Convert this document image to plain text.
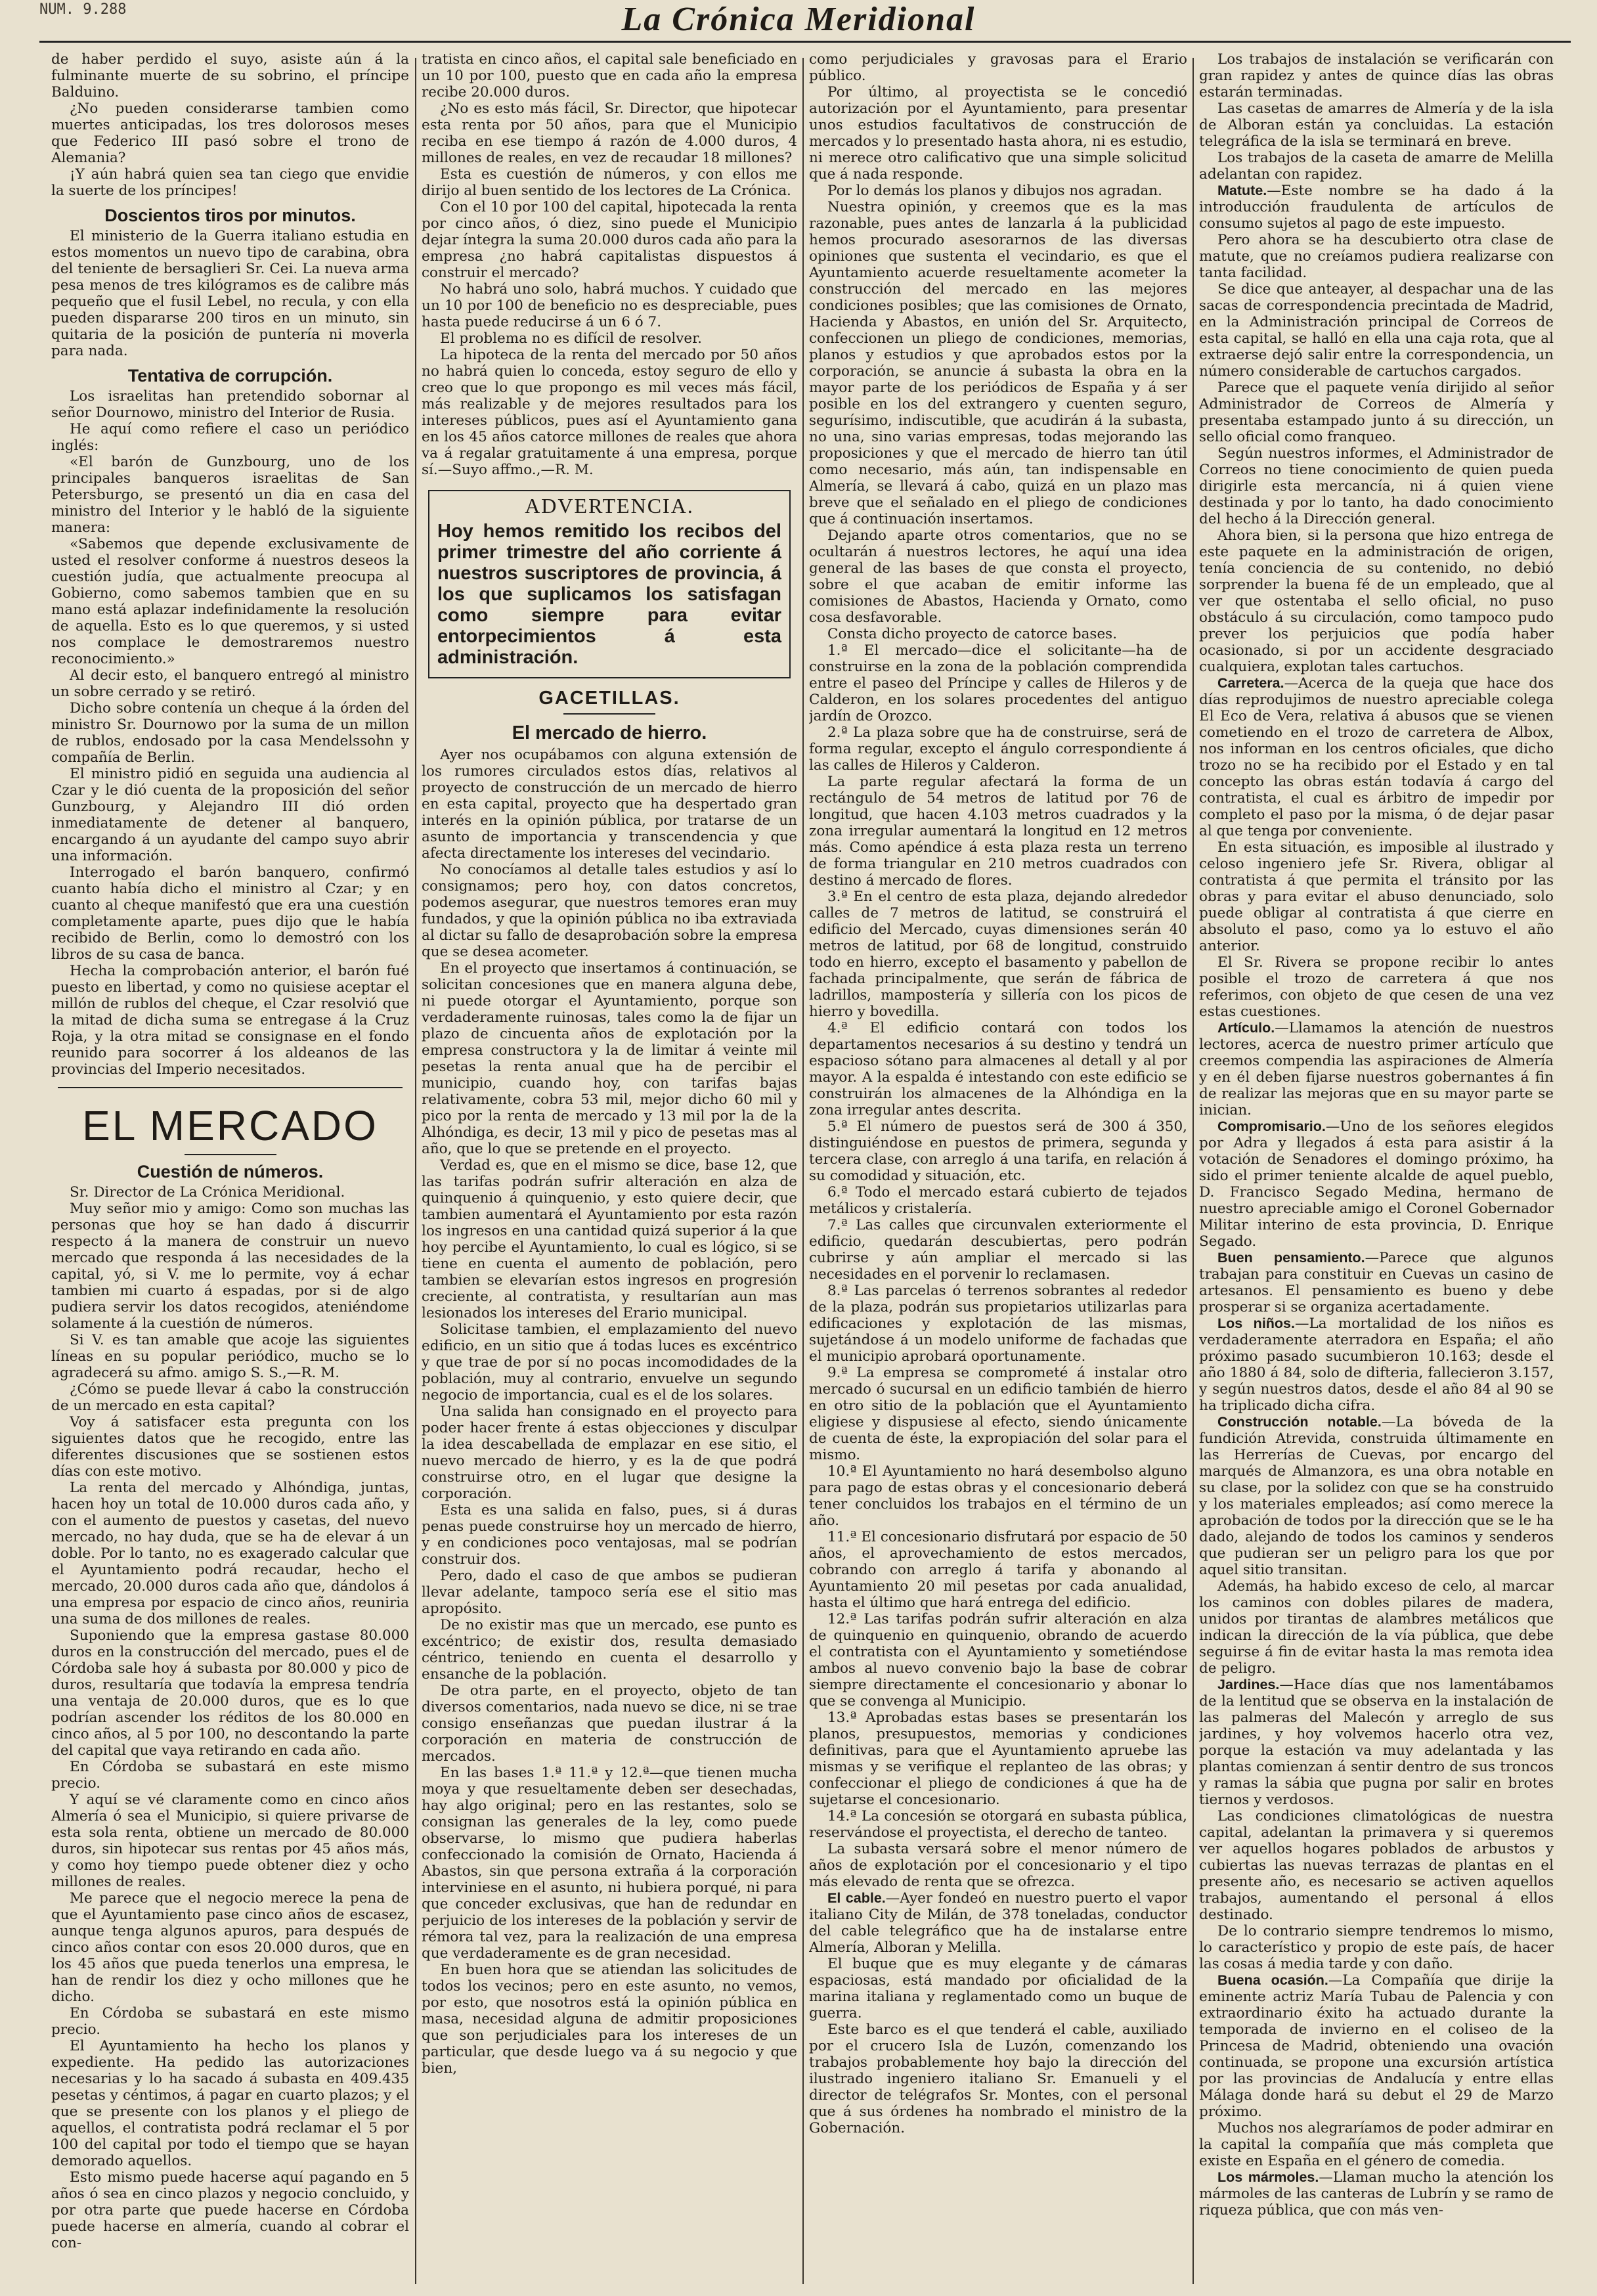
NUM. 9.288	La Crónica Meridional

de haber perdido el suyo, asiste aún á la fulminante muerte de su sobrino, el príncipe Balduino.

¿No pueden considerarse tambien como muertes anticipadas, los tres dolorosos meses que Federico III pasó sobre el trono de Alemania?

¡Y aún habrá quien sea tan ciego que envidie la suerte de los príncipes!

Doscientos tiros por minutos.

El ministerio de la Guerra italiano estudia en estos momentos un nuevo tipo de carabina, obra del teniente de bersaglieri Sr. Cei. La nueva arma pesa menos de tres kilógramos es de calibre más pequeño que el fusil Lebel, no recula, y con ella pueden dispararse 200 tiros en un minuto, sin quitaria de la posición de puntería ni moverla para nada.

Tentativa de corrupción.

Los israelitas han pretendido sobornar al señor Dournowo, ministro del Interior de Rusia.

He aquí como refiere el caso un periódico inglés:

«El barón de Gunzbourg, uno de los principales banqueros israelitas de San Petersburgo, se presentó un dia en casa del ministro del Interior y le habló de la siguiente manera:

«Sabemos que depende exclusivamente de usted el resolver conforme á nuestros deseos la cuestión judía, que actualmente preocupa al Gobierno, como sabemos tambien que en su mano está aplazar indefinidamente la resolución de aquella. Esto es lo que queremos, y si usted nos complace le demostraremos nuestro reconocimiento.»

Al decir esto, el banquero entregó al ministro un sobre cerrado y se retiró.

Dicho sobre contenía un cheque á la órden del ministro Sr. Dournowo por la suma de un millon de rublos, endosado por la casa Mendelssohn y compañía de Berlin.

El ministro pidió en seguida una audiencia al Czar y le dió cuenta de la proposición del señor Gunzbourg, y Alejandro III dió orden inmediatamente de detener al banquero, encargando á un ayudante del campo suyo abrir una información.

Interrogado el barón banquero, confirmó cuanto había dicho el ministro al Czar; y en cuanto al cheque manifestó que era una cuestión completamente aparte, pues dijo que le había recibido de Berlin, como lo demostró con los libros de su casa de banca.

Hecha la comprobación anterior, el barón fué puesto en libertad, y como no quisiese aceptar el millón de rublos del cheque, el Czar resolvió que la mitad de dicha suma se entregase á la Cruz Roja, y la otra mitad se consignase en el fondo reunido para socorrer á los aldeanos de las provincias del Imperio necesitados.

EL MERCADO
Cuestión de números.

Sr. Director de La Crónica Meridional.

Muy señor mio y amigo: Como son muchas las personas que hoy se han dado á discurrir respecto á la manera de construir un nuevo mercado que responda á las necesidades de la capital, yó, si V. me lo permite, voy á echar tambien mi cuarto á espadas, por si de algo pudiera servir los datos recogidos, ateniéndome solamente á la cuestión de números.

Si V. es tan amable que acoje las siguientes líneas en su popular periódico, mucho se lo agradecerá su afmo. amigo S. S.,—R. M.

¿Cómo se puede llevar á cabo la construcción de un mercado en esta capital?

Voy á satisfacer esta pregunta con los siguientes datos que he recogido, entre las diferentes discusiones que se sostienen estos días con este motivo.

La renta del mercado y Alhóndiga, juntas, hacen hoy un total de 10.000 duros cada año, y con el aumento de puestos y casetas, del nuevo mercado, no hay duda, que se ha de elevar á un doble. Por lo tanto, no es exagerado calcular que el Ayuntamiento podrá recaudar, hecho el mercado, 20.000 duros cada año que, dándolos á una empresa por espacio de cinco años, reuniria una suma de dos millones de reales.

Suponiendo que la empresa gastase 80.000 duros en la construcción del mercado, pues el de Córdoba sale hoy á subasta por 80.000 y pico de duros, resultaría que todavía la empresa tendría una ventaja de 20.000 duros, que es lo que podrían ascender los réditos de los 80.000 en cinco años, al 5 por 100, no descontando la parte del capital que vaya retirando en cada año.

En Córdoba se subastará en este mismo precio.

Y aquí se vé claramente como en cinco años Almería ó sea el Municipio, si quiere privarse de esta sola renta, obtiene un mercado de 80.000 duros, sin hipotecar sus rentas por 45 años más, y como hoy tiempo puede obtener diez y ocho millones de reales.

Me parece que el negocio merece la pena de que el Ayuntamiento pase cinco años de escasez, aunque tenga algunos apuros, para después de cinco años contar con esos 20.000 duros, que en los 45 años que pueda tenerlos una empresa, le han de rendir los diez y ocho millones que he dicho.

En Córdoba se subastará en este mismo precio.

El Ayuntamiento ha hecho los planos y expediente. Ha pedido las autorizaciones necesarias y lo ha sacado á subasta en 409.435 pesetas y céntimos, á pagar en cuarto plazos; y el que se presente con los planos y el pliego de aquellos, el contratista podrá reclamar el 5 por 100 del capital por todo el tiempo que se hayan demorado aquellos.

Esto mismo puede hacerse aquí pagando en 5 años ó sea en cinco plazos y negocio concluido, y por otra parte que puede hacerse en Córdoba puede hacerse en almería, cuando al cobrar el con-

tratista en cinco años, el capital sale beneficiado en un 10 por 100, puesto que en cada año la empresa recibe 20.000 duros.

¿No es esto más fácil, Sr. Director, que hipotecar esta renta por 50 años, para que el Municipio reciba en ese tiempo á razón de 4.000 duros, 4 millones de reales, en vez de recaudar 18 millones?

Esta es cuestión de números, y con ellos me dirijo al buen sentido de los lectores de La Crónica.

Con el 10 por 100 del capital, hipotecada la renta por cinco años, ó diez, sino puede el Municipio dejar íntegra la suma 20.000 duros cada año para la empresa ¿no habrá capitalistas dispuestos á construir el mercado?

No habrá uno solo, habrá muchos. Y cuidado que un 10 por 100 de beneficio no es despreciable, pues hasta puede reducirse á un 6 ó 7.

El problema no es difícil de resolver.

La hipoteca de la renta del mercado por 50 años no habrá quien lo conceda, estoy seguro de ello y creo que lo que propongo es mil veces más fácil, más realizable y de mejores resultados para los intereses públicos, pues así el Ayuntamiento gana en los 45 años catorce millones de reales que ahora va á regalar gratuitamente á una empresa, porque sí.—Suyo affmo.,—R. M.

ADVERTENCIA.
Hoy hemos remitido los recibos del primer trimestre del año corriente á nuestros suscriptores de provincia, á los que suplicamos los satisfagan como siempre para evitar entorpecimientos á esta administración.
GACETILLAS.
El mercado de hierro.

Ayer nos ocupábamos con alguna extensión de los rumores circulados estos días, relativos al proyecto de construcción de un mercado de hierro en esta capital, proyecto que ha despertado gran interés en la opinión pública, por tratarse de un asunto de importancia y transcendencia y que afecta directamente los intereses del vecindario.

No conocíamos al detalle tales estudios y así lo consignamos; pero hoy, con datos concretos, podemos asegurar, que nuestros temores eran muy fundados, y que la opinión pública no iba extraviada al dictar su fallo de desaprobación sobre la empresa que se desea acometer.

En el proyecto que insertamos á continuación, se solicitan concesiones que en manera alguna debe, ni puede otorgar el Ayuntamiento, porque son verdaderamente ruinosas, tales como la de fijar un plazo de cincuenta años de explotación por la empresa constructora y la de limitar á veinte mil pesetas la renta anual que ha de percibir el municipio, cuando hoy, con tarifas bajas relativamente, cobra 53 mil, mejor dicho 60 mil y pico por la renta de mercado y 13 mil por la de la Alhóndiga, es decir, 13 mil y pico de pesetas mas al año, que lo que se pretende en el proyecto.

Verdad es, que en el mismo se dice, base 12, que las tarifas podrán sufrir alteración en alza de quinquenio á quinquenio, y esto quiere decir, que tambien aumentará el Ayuntamiento por esta razón los ingresos en una cantidad quizá superior á la que hoy percibe el Ayuntamiento, lo cual es lógico, si se tiene en cuenta el aumento de población, pero tambien se elevarían estos ingresos en progresión creciente, al contratista, y resultarían aun mas lesionados los intereses del Erario municipal.

Solicitase tambien, el emplazamiento del nuevo edificio, en un sitio que á todas luces es excéntrico y que trae de por sí no pocas incomodidades de la población, muy al contrario, envuelve un segundo negocio de importancia, cual es el de los solares.

Una salida han consignado en el proyecto para poder hacer frente á estas objecciones y disculpar la idea descabellada de emplazar en ese sitio, el nuevo mercado de hierro, y es la de que podrá construirse otro, en el lugar que designe la corporación.

Esta es una salida en falso, pues, si á duras penas puede construirse hoy un mercado de hierro, y en condiciones poco ventajosas, mal se podrían construir dos.

Pero, dado el caso de que ambos se pudieran llevar adelante, tampoco sería ese el sitio mas apropósito.

De no existir mas que un mercado, ese punto es excéntrico; de existir dos, resulta demasiado céntrico, teniendo en cuenta el desarrollo y ensanche de la población.

De otra parte, en el proyecto, objeto de tan diversos comentarios, nada nuevo se dice, ni se trae consigo enseñanzas que puedan ilustrar á la corporación en materia de construcción de mercados.

En las bases 1.ª 11.ª y 12.ª—que tienen mucha moya y que resueltamente deben ser desechadas, hay algo original; pero en las restantes, solo se consignan las generales de la ley, como puede observarse, lo mismo que pudiera haberlas confeccionado la comisión de Ornato, Hacienda á Abastos, sin que persona extraña á la corporación interviniese en el asunto, ni hubiera porqué, ni para que conceder exclusivas, que han de redundar en perjuicio de los intereses de la población y servir de rémora tal vez, para la realización de una empresa que verdaderamente es de gran necesidad.

En buen hora que se atiendan las solicitudes de todos los vecinos; pero en este asunto, no vemos, por esto, que nosotros está la opinión pública en masa, necesidad alguna de admitir proposiciones que son perjudiciales para los intereses de un particular, que desde luego va á su negocio y que bien,

como perjudiciales y gravosas para el Erario público.

Por último, al proyectista se le concedió autorización por el Ayuntamiento, para presentar unos estudios facultativos de construcción de mercados y lo presentado hasta ahora, ni es estudio, ni merece otro calificativo que una simple solicitud que á nada responde.

Por lo demás los planos y dibujos nos agradan.

Nuestra opinión, y creemos que es la mas razonable, pues antes de lanzarla á la publicidad hemos procurado asesorarnos de las diversas opiniones que sustenta el vecindario, es que el Ayuntamiento acuerde resueltamente acometer la construcción del mercado en las mejores condiciones posibles; que las comisiones de Ornato, Hacienda y Abastos, en unión del Sr. Arquitecto, confeccionen un pliego de condiciones, memorias, planos y estudios y que aprobados estos por la corporación, se anuncie á subasta la obra en la mayor parte de los periódicos de España y á ser posible en los del extrangero y cuenten seguro, segurísimo, indiscutible, que acudirán á la subasta, no una, sino varias empresas, todas mejorando las proposiciones y que el mercado de hierro tan útil como necesario, más aún, tan indispensable en Almería, se llevará á cabo, quizá en un plazo mas breve que el señalado en el pliego de condiciones que á continuación insertamos.

Dejando aparte otros comentarios, que no se ocultarán á nuestros lectores, he aquí una idea general de las bases de que consta el proyecto, sobre el que acaban de emitir informe las comisiones de Abastos, Hacienda y Ornato, como cosa desfavorable.

Consta dicho proyecto de catorce bases.

1.ª El mercado—dice el solicitante—ha de construirse en la zona de la población comprendida entre el paseo del Príncipe y calles de Hileros y de Calderon, en los solares procedentes del antiguo jardín de Orozco.

2.ª La plaza sobre que ha de construirse, será de forma regular, excepto el ángulo correspondiente á las calles de Hileros y Calderon.

La parte regular afectará la forma de un rectángulo de 54 metros de latitud por 76 de longitud, que hacen 4.103 metros cuadrados y la zona irregular aumentará la longitud en 12 metros más. Como apéndice á esta plaza resta un terreno de forma triangular en 210 metros cuadrados con destino á mercado de flores.

3.ª En el centro de esta plaza, dejando alrededor calles de 7 metros de latitud, se construirá el edificio del Mercado, cuyas dimensiones serán 40 metros de latitud, por 68 de longitud, construido todo en hierro, excepto el basamento y pabellon de fachada principalmente, que serán de fábrica de ladrillos, mampostería y sillería con los picos de hierro y bovedilla.

4.ª El edificio contará con todos los departamentos necesarios á su destino y tendrá un espacioso sótano para almacenes al detall y al por mayor. A la espalda é intestando con este edificio se construirán los almacenes de la Alhóndiga en la zona irregular antes descrita.

5.ª El número de puestos será de 300 á 350, distinguiéndose en puestos de primera, segunda y tercera clase, con arreglo á una tarifa, en relación á su comodidad y situación, etc.

6.ª Todo el mercado estará cubierto de tejados metálicos y cristalería.

7.ª Las calles que circunvalen exteriormente el edificio, quedarán descubiertas, pero podrán cubrirse y aún ampliar el mercado si las necesidades en el porvenir lo reclamasen.

8.ª Las parcelas ó terrenos sobrantes al rededor de la plaza, podrán sus propietarios utilizarlas para edificaciones y explotación de las mismas, sujetándose á un modelo uniforme de fachadas que el municipio aprobará oportunamente.

9.ª La empresa se comprometé á instalar otro mercado ó sucursal en un edificio también de hierro en otro sitio de la población que el Ayuntamiento eligiese y dispusiese al efecto, siendo únicamente de cuenta de éste, la expropiación del solar para el mismo.

10.ª El Ayuntamiento no hará desembolso alguno para pago de estas obras y el concesionario deberá tener concluidos los trabajos en el término de un año.

11.ª El concesionario disfrutará por espacio de 50 años, el aprovechamiento de estos mercados, cobrando con arreglo á tarifa y abonando al Ayuntamiento 20 mil pesetas por cada anualidad, hasta el último que hará entrega del edificio.

12.ª Las tarifas podrán sufrir alteración en alza de quinquenio en quinquenio, obrando de acuerdo el contratista con el Ayuntamiento y sometiéndose ambos al nuevo convenio bajo la base de cobrar siempre directamente el concesionario y abonar lo que se convenga al Municipio.

13.ª Aprobadas estas bases se presentarán los planos, presupuestos, memorias y condiciones definitivas, para que el Ayuntamiento apruebe las mismas y se verifique el replanteo de las obras; y confeccionar el pliego de condiciones á que ha de sujetarse el concesionario.

14.ª La concesión se otorgará en subasta pública, reservándose el proyectista, el derecho de tanteo.

La subasta versará sobre el menor número de años de explotación por el concesionario y el tipo más elevado de renta que se ofrezca.

El cable.—Ayer fondeó en nuestro puerto el vapor italiano City de Milán, de 378 toneladas, conductor del cable telegráfico que ha de instalarse entre Almería, Alboran y Melilla.

El buque que es muy elegante y de cámaras espaciosas, está mandado por oficialidad de la marina italiana y reglamentado como un buque de guerra.

Este barco es el que tenderá el cable, auxiliado por el crucero Isla de Luzón, comenzando los trabajos probablemente hoy bajo la dirección del ilustrado ingeniero italiano Sr. Emanueli y el director de telégrafos Sr. Montes, con el personal que á sus órdenes ha nombrado el ministro de la Gobernación.

Los trabajos de instalación se verificarán con gran rapidez y antes de quince días las obras estarán terminadas.

Las casetas de amarres de Almería y de la isla de Alboran están ya concluidas. La estación telegráfica de la isla se terminará en breve.

Los trabajos de la caseta de amarre de Melilla adelantan con rapidez.

Matute.—Este nombre se ha dado á la introducción fraudulenta de artículos de consumo sujetos al pago de este impuesto.

Pero ahora se ha descubierto otra clase de matute, que no creíamos pudiera realizarse con tanta facilidad.

Se dice que anteayer, al despachar una de las sacas de correspondencia precintada de Madrid, en la Administración principal de Correos de esta capital, se halló en ella una caja rota, que al extraerse dejó salir entre la correspondencia, un número considerable de cartuchos cargados.

Parece que el paquete venía dirijido al señor Administrador de Correos de Almería y presentaba estampado junto á su dirección, un sello oficial como franqueo.

Según nuestros informes, el Administrador de Correos no tiene conocimiento de quien pueda dirigirle esta mercancía, ni á quien viene destinada y por lo tanto, ha dado conocimiento del hecho á la Dirección general.

Ahora bien, si la persona que hizo entrega de este paquete en la administración de origen, tenía conciencia de su contenido, no debió sorprender la buena fé de un empleado, que al ver que ostentaba el sello oficial, no puso obstáculo á su circulación, como tampoco pudo prever los perjuicios que podía haber ocasionado, si por un accidente desgraciado cualquiera, explotan tales cartuchos.

Carretera.—Acerca de la queja que hace dos días reprodujimos de nuestro apreciable colega El Eco de Vera, relativa á abusos que se vienen cometiendo en el trozo de carretera de Albox, nos informan en los centros oficiales, que dicho trozo no se ha recibido por el Estado y en tal concepto las obras están todavía á cargo del contratista, el cual es árbitro de impedir por completo el paso por la misma, ó de dejar pasar al que tenga por conveniente.

En esta situación, es imposible al ilustrado y celoso ingeniero jefe Sr. Rivera, obligar al contratista á que permita el tránsito por las obras y para evitar el abuso denunciado, solo puede obligar al contratista á que cierre en absoluto el paso, como ya lo estuvo el año anterior.

El Sr. Rivera se propone recibir lo antes posible el trozo de carretera á que nos referimos, con objeto de que cesen de una vez estas cuestiones.

Artículo.—Llamamos la atención de nuestros lectores, acerca de nuestro primer artículo que creemos compendia las aspiraciones de Almería y en él deben fijarse nuestros gobernantes á fin de realizar las mejoras que en su mayor parte se inician.

Compromisario.—Uno de los señores elegidos por Adra y llegados á esta para asistir á la votación de Senadores el domingo próximo, ha sido el primer teniente alcalde de aquel pueblo, D. Francisco Segado Medina, hermano de nuestro apreciable amigo el Coronel Gobernador Militar interino de esta provincia, D. Enrique Segado.

Buen pensamiento.—Parece que algunos trabajan para constituir en Cuevas un casino de artesanos. El pensamiento es bueno y debe prosperar si se organiza acertadamente.

Los niños.—La mortalidad de los niños es verdaderamente aterradora en España; el año próximo pasado sucumbieron 10.163; desde el año 1880 á 84, solo de difteria, fallecieron 3.157, y según nuestros datos, desde el año 84 al 90 se ha triplicado dicha cifra.

Construcción notable.—La bóveda de la fundición Atrevida, construida últimamente en las Herrerías de Cuevas, por encargo del marqués de Almanzora, es una obra notable en su clase, por la solidez con que se ha construido y los materiales empleados; así como merece la aprobación de todos por la dirección que se le ha dado, alejando de todos los caminos y senderos que pudieran ser un peligro para los que por aquel sitio transitan.

Además, ha habido exceso de celo, al marcar los caminos con dobles pilares de madera, unidos por tirantas de alambres metálicos que indican la dirección de la vía pública, que debe seguirse á fin de evitar hasta la mas remota idea de peligro.

Jardines.—Hace días que nos lamentábamos de la lentitud que se observa en la instalación de las palmeras del Malecón y arreglo de sus jardines, y hoy volvemos hacerlo otra vez, porque la estación va muy adelantada y las plantas comienzan á sentir dentro de sus troncos y ramas la sábia que pugna por salir en brotes tiernos y verdosos.

Las condiciones climatológicas de nuestra capital, adelantan la primavera y si queremos ver aquellos hogares poblados de arbustos y cubiertas las nuevas terrazas de plantas en el presente año, es necesario se activen aquellos trabajos, aumentando el personal á ellos destinado.

De lo contrario siempre tendremos lo mismo, lo característico y propio de este país, de hacer las cosas á media tarde y con daño.

Buena ocasión.—La Compañía que dirije la eminente actriz María Tubau de Palencia y con extraordinario éxito ha actuado durante la temporada de invierno en el coliseo de la Princesa de Madrid, obteniendo una ovación continuada, se propone una excursión artística por las provincias de Andalucía y entre ellas Málaga donde hará su debut el 29 de Marzo próximo.

Muchos nos alegraríamos de poder admirar en la capital la compañía que más completa que existe en España en el género de comedia.

Los mármoles.—Llaman mucho la atención los mármoles de las canteras de Lubrín y se ramo de riqueza pública, que con más ven-
